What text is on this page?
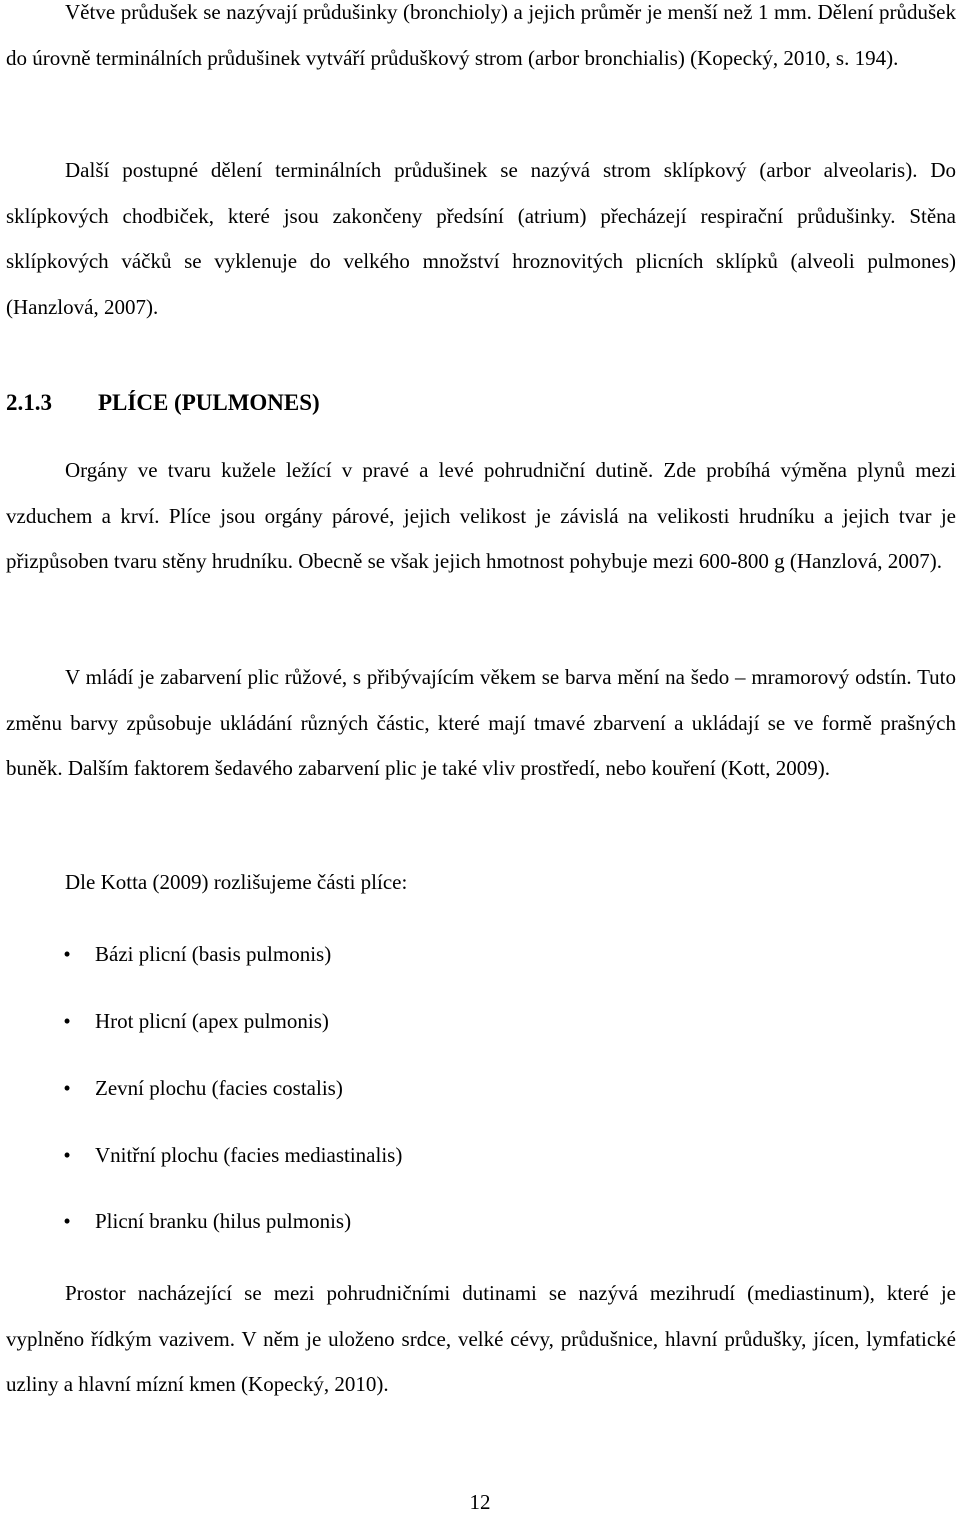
Větve průdušek se nazývají průdušinky (bronchioly) a jejich průměr je menší než 1 mm. Dělení průdušek do úrovně terminálních průdušinek vytváří průduškový strom (arbor bronchialis) (Kopecký, 2010, s. 194).

Další postupné dělení terminálních průdušinek se nazývá strom sklípkový (arbor alveolaris). Do sklípkových chodbiček, které jsou zakončeny předsíní (atrium) přecházejí respirační průdušinky. Stěna sklípkových váčků se vyklenuje do velkého množství hroznovitých plicních sklípků (alveoli pulmones) (Hanzlová, 2007).

2.1.3 PLÍCE (PULMONES)

Orgány ve tvaru kužele ležící v pravé a levé pohrudniční dutině. Zde probíhá výměna plynů mezi vzduchem a krví. Plíce jsou orgány párové, jejich velikost je závislá na velikosti hrudníku a jejich tvar je přizpůsoben tvaru stěny hrudníku. Obecně se však jejich hmotnost pohybuje mezi 600-800 g (Hanzlová, 2007).

V mládí je zabarvení plic růžové, s přibývajícím věkem se barva mění na šedo – mramorový odstín. Tuto změnu barvy způsobuje ukládání různých částic, které mají tmavé zbarvení a ukládají se ve formě prašných buněk. Dalším faktorem šedavého zabarvení plic je také vliv prostředí, nebo kouření (Kott, 2009).

Dle Kotta (2009) rozlišujeme části plíce:

• Bázi plicní (basis pulmonis)
• Hrot plicní (apex pulmonis)
• Zevní plochu (facies costalis)
• Vnitřní plochu (facies mediastinalis)
• Plicní branku (hilus pulmonis)

Prostor nacházející se mezi pohrudničními dutinami se nazývá mezihrudí (mediastinum), které je vyplněno řídkým vazivem. V něm je uloženo srdce, velké cévy, průdušnice, hlavní průdušky, jícen, lymfatické uzliny a hlavní mízní kmen (Kopecký, 2010).

12
